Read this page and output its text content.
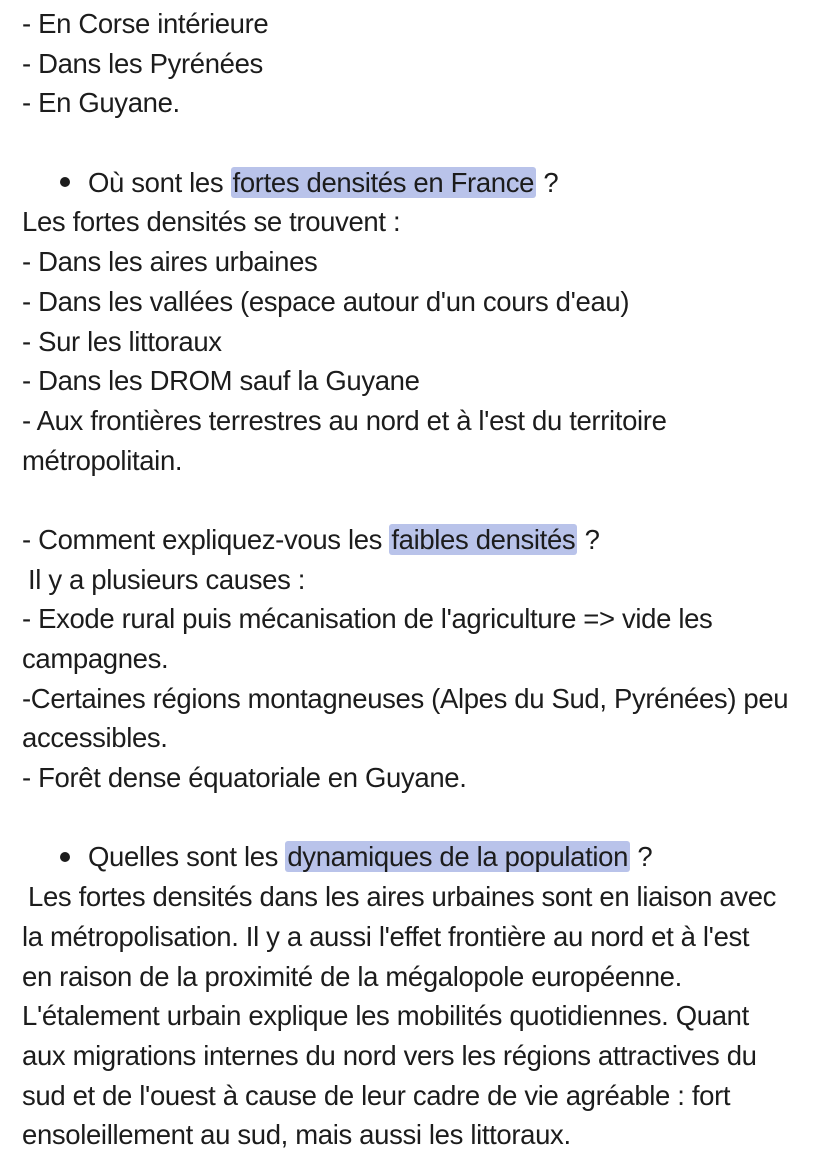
- En Corse intérieure
- Dans les Pyrénées
- En Guyane.
Où sont les fortes densités en France ?
Les fortes densités se trouvent :
- Dans les aires urbaines
- Dans les vallées (espace autour d'un cours d'eau)
- Sur les littoraux
- Dans les DROM sauf la Guyane
- Aux frontières terrestres au nord et à l'est du territoire
métropolitain.
- Comment expliquez-vous les faibles densités ?
Il y a plusieurs causes :
- Exode rural puis mécanisation de l'agriculture => vide les
campagnes.
-Certaines régions montagneuses (Alpes du Sud, Pyrénées) peu
accessibles.
- Forêt dense équatoriale en Guyane.
Quelles sont les dynamiques de la population ?
Les fortes densités dans les aires urbaines sont en liaison avec
la métropolisation. Il y a aussi l'effet frontière au nord et à l'est
en raison de la proximité de la mégalopole européenne.
L'étalement urbain explique les mobilités quotidiennes. Quant
aux migrations internes du nord vers les régions attractives du
sud et de l'ouest à cause de leur cadre de vie agréable : fort
ensoleillement au sud, mais aussi les littoraux.
